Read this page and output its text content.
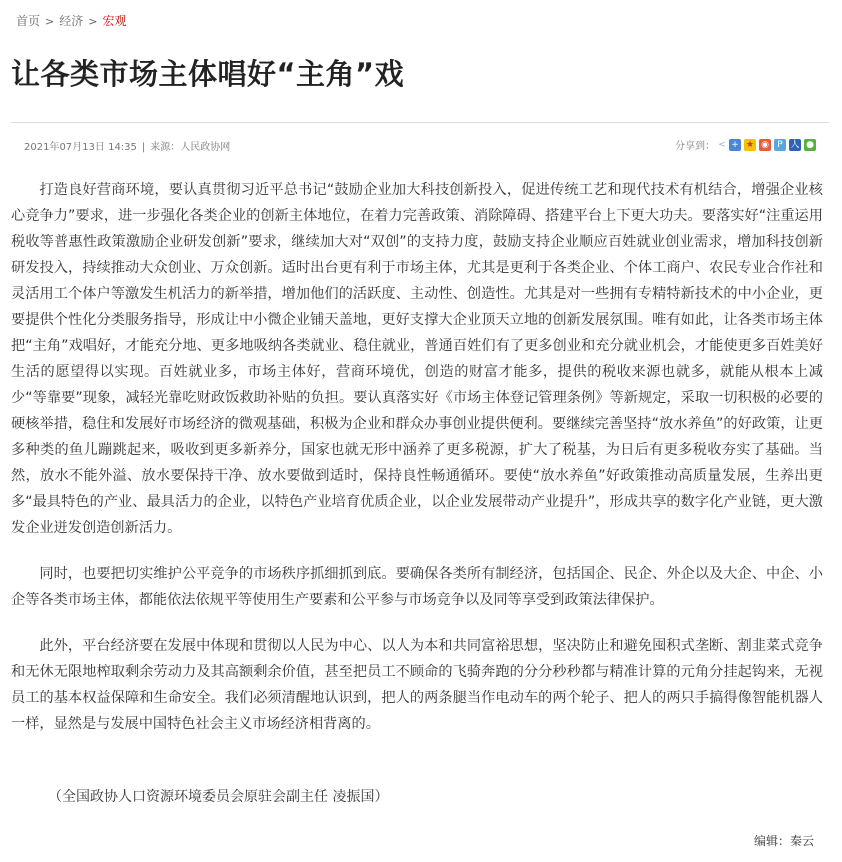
首页 > 经济 > 宏观
让各类市场主体唱好“主角”戏
2021年07月13日 14:35 | 来源：人民政协网	分享到： < + ★ ◉ P 人 ●

打造良好营商环境，要认真贯彻习近平总书记“鼓励企业加大科技创新投入，促进传统工艺和现代技术有机结合，增强企业核心竞争力”要求，进一步强化各类企业的创新主体地位，在着力完善政策、消除障碍、搭建平台上下更大功夫。要落实好“注重运用税收等普惠性政策激励企业研发创新”要求，继续加大对“双创”的支持力度，鼓励支持企业顺应百姓就业创业需求，增加科技创新研发投入，持续推动大众创业、万众创新。适时出台更有利于市场主体，尤其是更利于各类企业、个体工商户、农民专业合作社和灵活用工个体户等激发生机活力的新举措，增加他们的活跃度、主动性、创造性。尤其是对一些拥有专精特新技术的中小企业，更要提供个性化分类服务指导，形成让中小微企业铺天盖地，更好支撑大企业顶天立地的创新发展氛围。唯有如此，让各类市场主体把“主角”戏唱好，才能充分地、更多地吸纳各类就业、稳住就业，普通百姓们有了更多创业和充分就业机会，才能使更多百姓美好生活的愿望得以实现。百姓就业多，市场主体好，营商环境优，创造的财富才能多，提供的税收来源也就多，就能从根本上减少“等靠要”现象，减轻光靠吃财政饭救助补贴的负担。要认真落实好《市场主体登记管理条例》等新规定，采取一切积极的必要的硬核举措，稳住和发展好市场经济的微观基础，积极为企业和群众办事创业提供便利。要继续完善坚持“放水养鱼”的好政策，让更多种类的鱼儿蹦跳起来，吸收到更多新养分，国家也就无形中涵养了更多税源，扩大了税基，为日后有更多税收夯实了基础。当然，放水不能外溢、放水要保持干净、放水要做到适时，保持良性畅通循环。要使“放水养鱼”好政策推动高质量发展，生养出更多“最具特色的产业、最具活力的企业，以特色产业培育优质企业，以企业发展带动产业提升”，形成共享的数字化产业链，更大激发企业迸发创造创新活力。

同时，也要把切实维护公平竞争的市场秩序抓细抓到底。要确保各类所有制经济，包括国企、民企、外企以及大企、中企、小企等各类市场主体，都能依法依规平等使用生产要素和公平参与市场竞争以及同等享受到政策法律保护。

此外，平台经济要在发展中体现和贯彻以人民为中心、以人为本和共同富裕思想，坚决防止和避免囤积式垄断、割韭菜式竞争和无休无限地榨取剩余劳动力及其高额剩余价值，甚至把员工不顾命的飞骑奔跑的分分秒秒都与精准计算的元角分挂起钩来，无视员工的基本权益保障和生命安全。我们必须清醒地认识到，把人的两条腿当作电动车的两个轮子、把人的两只手搞得像智能机器人一样，显然是与发展中国特色社会主义市场经济相背离的。

（全国政协人口资源环境委员会原驻会副主任 凌振国）
编辑：秦云
